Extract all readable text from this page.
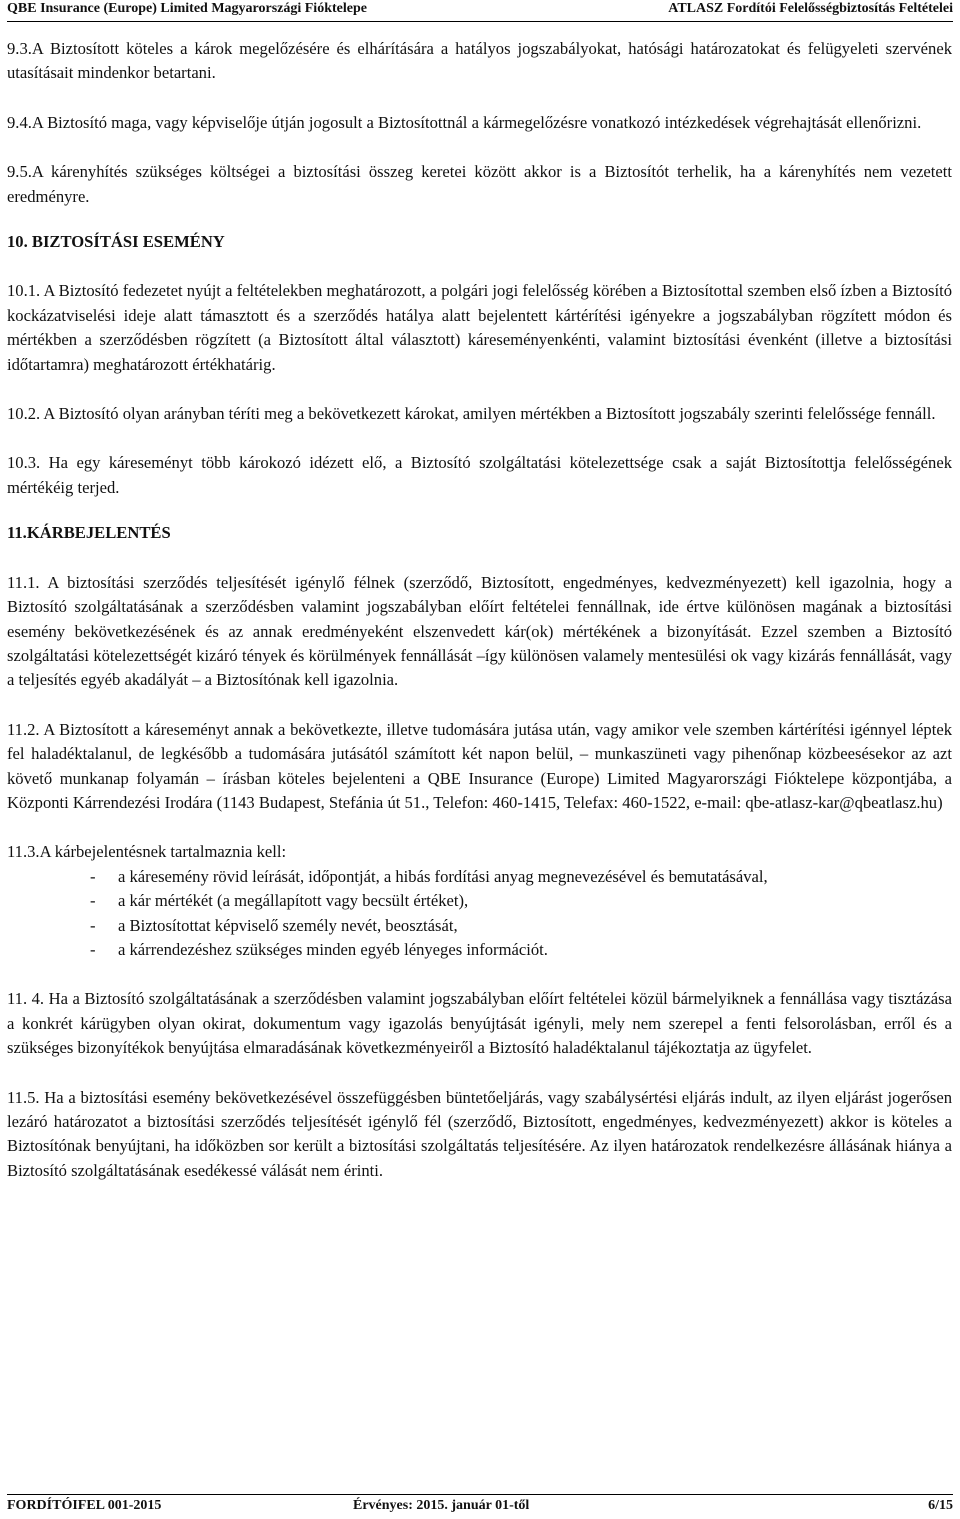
QBE Insurance (Europe) Limited Magyarországi Fióktelepe	ATLASZ Fordítói Felelősségbiztosítás Feltételei

9.3.A Biztosított köteles a károk megelőzésére és elhárítására a hatályos jogszabályokat, hatósági határozatokat és felügyeleti szervének utasításait mindenkor betartani.

9.4.A Biztosító maga, vagy képviselője útján jogosult a Biztosítottnál a kármegelőzésre vonatkozó intézkedések végrehajtását ellenőrizni.

9.5.A kárenyhítés szükséges költségei a biztosítási összeg keretei között akkor is a Biztosítót terhelik, ha a kárenyhítés nem vezetett eredményre.

10. BIZTOSÍTÁSI ESEMÉNY

10.1. A Biztosító fedezetet nyújt a feltételekben meghatározott, a polgári jogi felelősség körében a Biztosítottal szemben első ízben a Biztosító kockázatviselési ideje alatt támasztott és a szerződés hatálya alatt bejelentett kártérítési igényekre a jogszabályban rögzített módon és mértékben a szerződésben rögzített (a Biztosított által választott) káreseményenkénti, valamint biztosítási évenként (illetve a biztosítási időtartamra) meghatározott értékhatárig.

10.2. A Biztosító olyan arányban téríti meg a bekövetkezett károkat, amilyen mértékben a Biztosított jogszabály szerinti felelőssége fennáll.

10.3. Ha egy káreseményt több károkozó idézett elő, a Biztosító szolgáltatási kötelezettsége csak a saját Biztosítottja felelősségének mértékéig terjed.

11.KÁRBEJELENTÉS

11.1. A biztosítási szerződés teljesítését igénylő félnek (szerződő, Biztosított, engedményes, kedvezményezett) kell igazolnia, hogy a Biztosító szolgáltatásának a szerződésben valamint jogszabályban előírt feltételei fennállnak, ide értve különösen magának a biztosítási esemény bekövetkezésének és az annak eredményeként elszenvedett kár(ok) mértékének a bizonyítását. Ezzel szemben a Biztosító szolgáltatási kötelezettségét kizáró tények és körülmények fennállását –így különösen valamely mentesülési ok vagy kizárás fennállását, vagy a teljesítés egyéb akadályát – a Biztosítónak kell igazolnia.

11.2. A Biztosított a káreseményt annak a bekövetkezte, illetve tudomására jutása után, vagy amikor vele szemben kártérítési igénnyel léptek fel haladéktalanul, de legkésőbb a tudomására jutásától számított két napon belül, – munkaszüneti vagy pihenőnap közbeesésekor az azt követő munkanap folyamán – írásban köteles bejelenteni a QBE Insurance (Europe) Limited Magyarországi Fióktelepe központjába, a Központi Kárrendezési Irodára (1143 Budapest, Stefánia út 51., Telefon: 460-1415, Telefax: 460-1522, e-mail: qbe-atlasz-kar@qbeatlasz.hu)

11.3.A kárbejelentésnek tartalmaznia kell:

-	a káresemény rövid leírását, időpontját, a hibás fordítási anyag megnevezésével és bemutatásával,
-	a kár mértékét (a megállapított vagy becsült értéket),
-	a Biztosítottat képviselő személy nevét, beosztását,
-	a kárrendezéshez szükséges minden egyéb lényeges információt.

11. 4. Ha a Biztosító szolgáltatásának a szerződésben valamint jogszabályban előírt feltételei közül bármelyiknek a fennállása vagy tisztázása a konkrét kárügyben olyan okirat, dokumentum vagy igazolás benyújtását igényli, mely nem szerepel a fenti felsorolásban, erről és a szükséges bizonyítékok benyújtása elmaradásának következményeiről a Biztosító haladéktalanul tájékoztatja az ügyfelet.

11.5. Ha a biztosítási esemény bekövetkezésével összefüggésben büntetőeljárás, vagy szabálysértési eljárás indult, az ilyen eljárást jogerősen lezáró határozatot a biztosítási szerződés teljesítését igénylő fél (szerződő, Biztosított, engedményes, kedvezményezett) akkor is köteles a Biztosítónak benyújtani, ha időközben sor került a biztosítási szolgáltatás teljesítésére. Az ilyen határozatok rendelkezésre állásának hiánya a Biztosító szolgáltatásának esedékessé válását nem érinti.

FORDÍTÓIFEL 001-2015	Érvényes: 2015. január 01-től	6/15
